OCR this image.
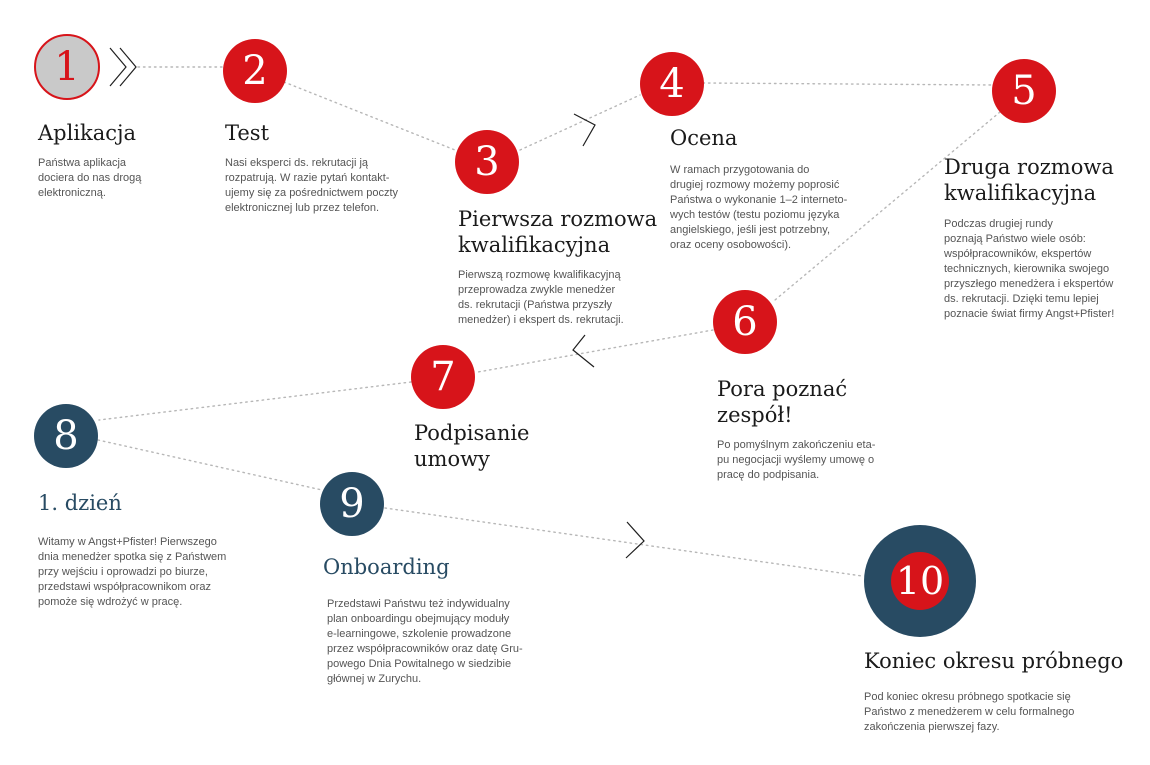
1
Aplikacja
Państwa aplikacja
dociera do nas drogą
elektroniczną.
2
Test
Nasi eksperci ds. rekrutacji ją
rozpatrują. W razie pytań kontakt-
ujemy się za pośrednictwem poczty
elektronicznej lub przez telefon.
3
Pierwsza rozmowa
kwalifikacyjna
Pierwszą rozmowę kwalifikacyjną
przeprowadza zwykle menedżer
ds. rekrutacji (Państwa przyszły
menedżer) i ekspert ds. rekrutacji.
4
Ocena
W ramach przygotowania do
drugiej rozmowy możemy poprosić
Państwa o wykonanie 1–2 interneto-
wych testów (testu poziomu języka
angielskiego, jeśli jest potrzebny,
oraz oceny osobowości).
5
Druga rozmowa
kwalifikacyjna
Podczas drugiej rundy
poznają Państwo wiele osób:
współpracowników, ekspertów
technicznych, kierownika swojego
przyszłego menedżera i ekspertów
ds. rekrutacji. Dzięki temu lepiej
poznacie świat firmy Angst+Pfister!
6
Pora poznać
zespół!
Po pomyślnym zakończeniu eta-
pu negocjacji wyślemy umowę o
pracę do podpisania.
7
Podpisanie
umowy
8
1. dzień
Witamy w Angst+Pfister! Pierwszego
dnia menedżer spotka się z Państwem
przy wejściu i oprowadzi po biurze,
przedstawi współpracownikom oraz
pomoże się wdrożyć w pracę.
9
Onboarding
Przedstawi Państwu też indywidualny
plan onboardingu obejmujący moduły
e-learningowe, szkolenie prowadzone
przez współpracowników oraz datę Gru-
powego Dnia Powitalnego w siedzibie
głównej w Zurychu.
10
Koniec okresu próbnego
Pod koniec okresu próbnego spotkacie się
Państwo z menedżerem w celu formalnego
zakończenia pierwszej fazy.
